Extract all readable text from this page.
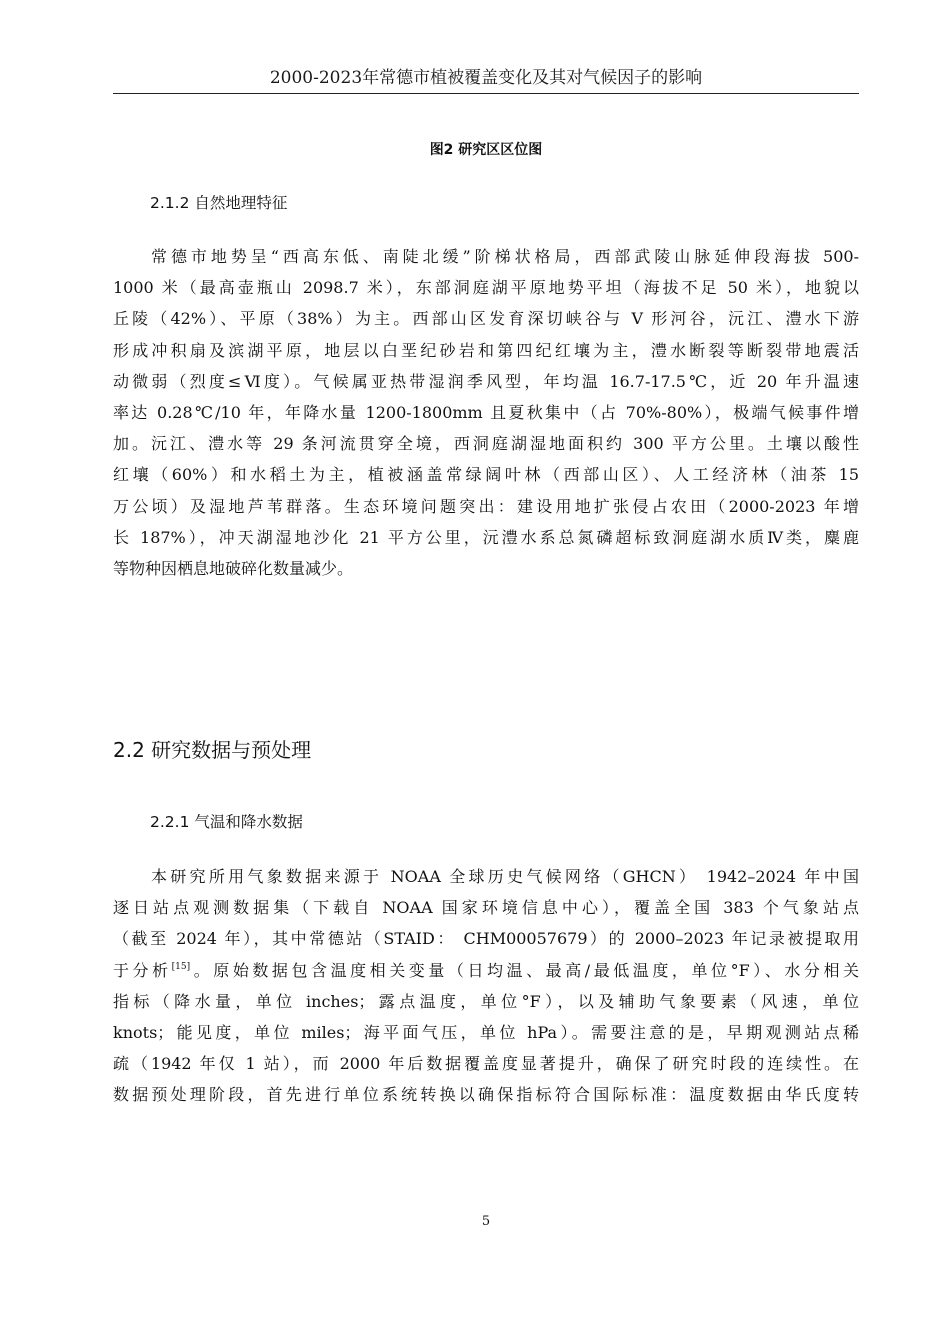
2000-2023年常德市植被覆盖变化及其对气候因子的影响
图2 研究区区位图
2.1.2 自然地理特征
常德市地势呈“西高东低、南陡北缓”阶梯状格局，西部武陵山脉延伸段海拔 500-
1000 米（最高壶瓶山 2098.7 米），东部洞庭湖平原地势平坦（海拔不足 50 米），地貌以
丘陵（42%）、平原（38%）为主。西部山区发育深切峡谷与 V 形河谷，沅江、澧水下游
形成冲积扇及滨湖平原，地层以白垩纪砂岩和第四纪红壤为主，澧水断裂等断裂带地震活
动微弱（烈度≤Ⅵ度）。气候属亚热带湿润季风型，年均温 16.7-17.5℃，近 20 年升温速
率达 0.28℃/10 年，年降水量 1200-1800mm 且夏秋集中（占 70%-80%），极端气候事件增
加。沅江、澧水等 29 条河流贯穿全境，西洞庭湖湿地面积约 300 平方公里。土壤以酸性
红壤（60%）和水稻土为主，植被涵盖常绿阔叶林（西部山区）、人工经济林（油茶 15
万公顷）及湿地芦苇群落。生态环境问题突出：建设用地扩张侵占农田（2000-2023 年增
长 187%），冲天湖湿地沙化 21 平方公里，沅澧水系总氮磷超标致洞庭湖水质Ⅳ类，麋鹿
等物种因栖息地破碎化数量减少。
2.2 研究数据与预处理
2.2.1 气温和降水数据
本研究所用气象数据来源于 NOAA 全球历史气候网络（GHCN） 1942–2024 年中国
逐日站点观测数据集（下载自 NOAA 国家环境信息中心），覆盖全国 383 个气象站点
（截至 2024 年），其中常德站（STAID： CHM00057679）的 2000–2023 年记录被提取用
于分析[15]。原始数据包含温度相关变量（日均温、最高/最低温度，单位°F）、水分相关
指标（降水量，单位 inches；露点温度，单位°F），以及辅助气象要素（风速，单位
knots；能见度，单位 miles；海平面气压，单位 hPa）。需要注意的是，早期观测站点稀
疏（1942 年仅 1 站），而 2000 年后数据覆盖度显著提升，确保了研究时段的连续性。在
数据预处理阶段，首先进行单位系统转换以确保指标符合国际标准：温度数据由华氏度转
5
